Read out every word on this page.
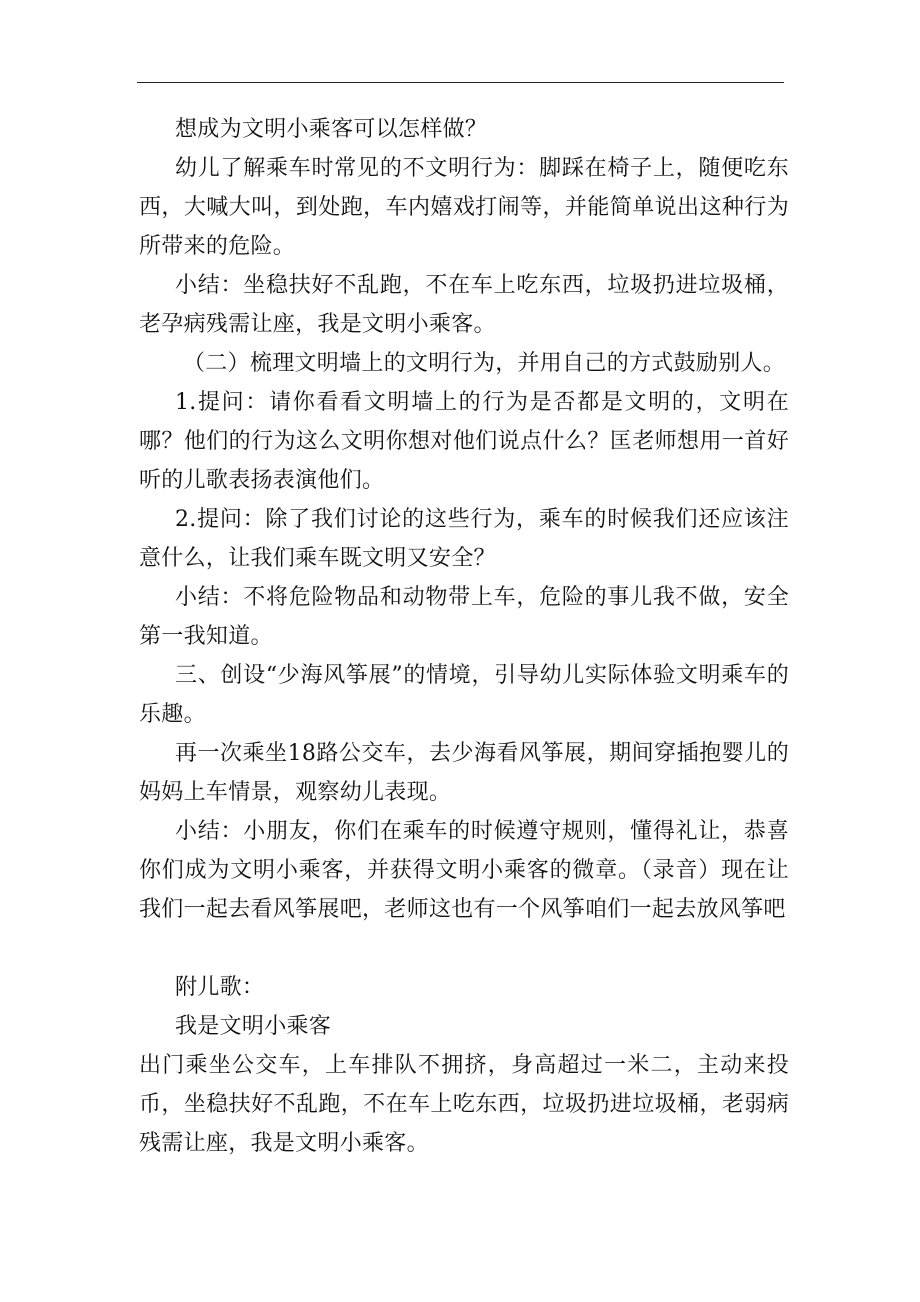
想成为文明小乘客可以怎样做？

幼儿了解乘车时常见的不文明行为：脚踩在椅子上，随便吃东西，大喊大叫，到处跑，车内嬉戏打闹等，并能简单说出这种行为所带来的危险。

小结：坐稳扶好不乱跑，不在车上吃东西，垃圾扔进垃圾桶，老孕病残需让座，我是文明小乘客。

（二）梳理文明墙上的文明行为，并用自己的方式鼓励别人。

1.提问：请你看看文明墙上的行为是否都是文明的，文明在哪？他们的行为这么文明你想对他们说点什么？匡老师想用一首好听的儿歌表扬表演他们。

2.提问：除了我们讨论的这些行为，乘车的时候我们还应该注意什么，让我们乘车既文明又安全？

小结：不将危险物品和动物带上车，危险的事儿我不做，安全第一我知道。

三、创设“少海风筝展”的情境，引导幼儿实际体验文明乘车的乐趣。

再一次乘坐18路公交车，去少海看风筝展，期间穿插抱婴儿的妈妈上车情景，观察幼儿表现。

小结：小朋友，你们在乘车的时候遵守规则，懂得礼让，恭喜你们成为文明小乘客，并获得文明小乘客的微章。（录音）现在让我们一起去看风筝展吧，老师这也有一个风筝咱们一起去放风筝吧

附儿歌：

我是文明小乘客

出门乘坐公交车，上车排队不拥挤，身高超过一米二，主动来投币，坐稳扶好不乱跑，不在车上吃东西，垃圾扔进垃圾桶，老弱病残需让座，我是文明小乘客。
